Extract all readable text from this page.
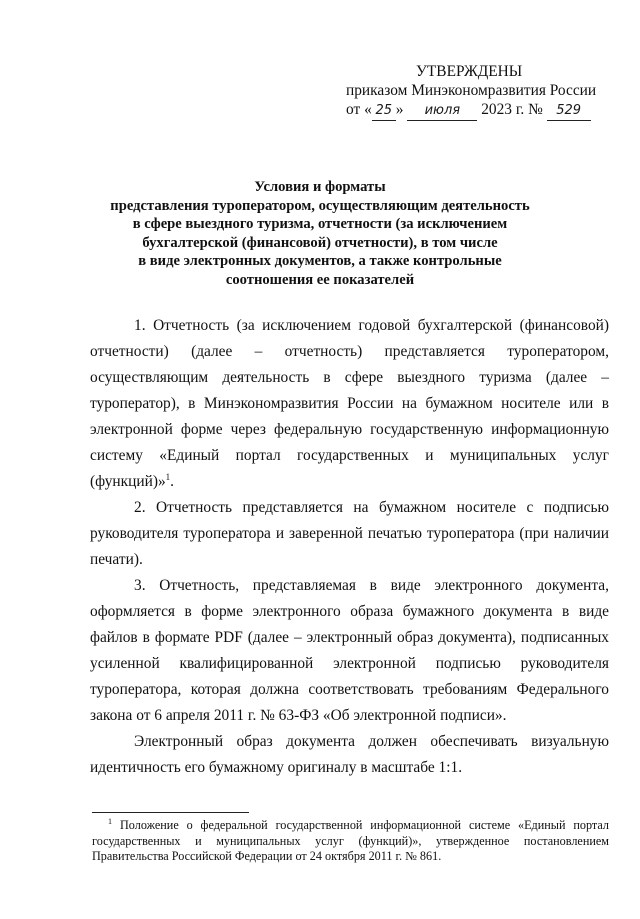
УТВЕРЖДЕНЫ
приказом Минэкономразвития России
от « 25 » июля 2023 г. № 529
Условия и форматы
представления туроператором, осуществляющим деятельность
в сфере выездного туризма, отчетности (за исключением
бухгалтерской (финансовой) отчетности), в том числе
в виде электронных документов, а также контрольные
соотношения ее показателей

1. Отчетность (за исключением годовой бухгалтерской (финансовой) отчетности) (далее – отчетность) представляется туроператором, осуществляющим деятельность в сфере выездного туризма (далее – туроператор), в Минэкономразвития России на бумажном носителе или в электронной форме через федеральную государственную информационную систему «Единый портал государственных и муниципальных услуг (функций)»$^1$.

2. Отчетность представляется на бумажном носителе с подписью руководителя туроператора и заверенной печатью туроператора (при наличии печати).

3. Отчетность, представляемая в виде электронного документа, оформляется в форме электронного образа бумажного документа в виде файлов в формате PDF (далее – электронный образ документа), подписанных усиленной квалифицированной электронной подписью руководителя туроператора, которая должна соответствовать требованиям Федерального закона от 6 апреля 2011 г. № 63-ФЗ «Об электронной подписи».

Электронный образ документа должен обеспечивать визуальную идентичность его бумажному оригиналу в масштабе 1:1.

$^1$ Положение о федеральной государственной информационной системе «Единый портал государственных и муниципальных услуг (функций)», утвержденное постановлением Правительства Российской Федерации от 24 октября 2011 г. № 861.
